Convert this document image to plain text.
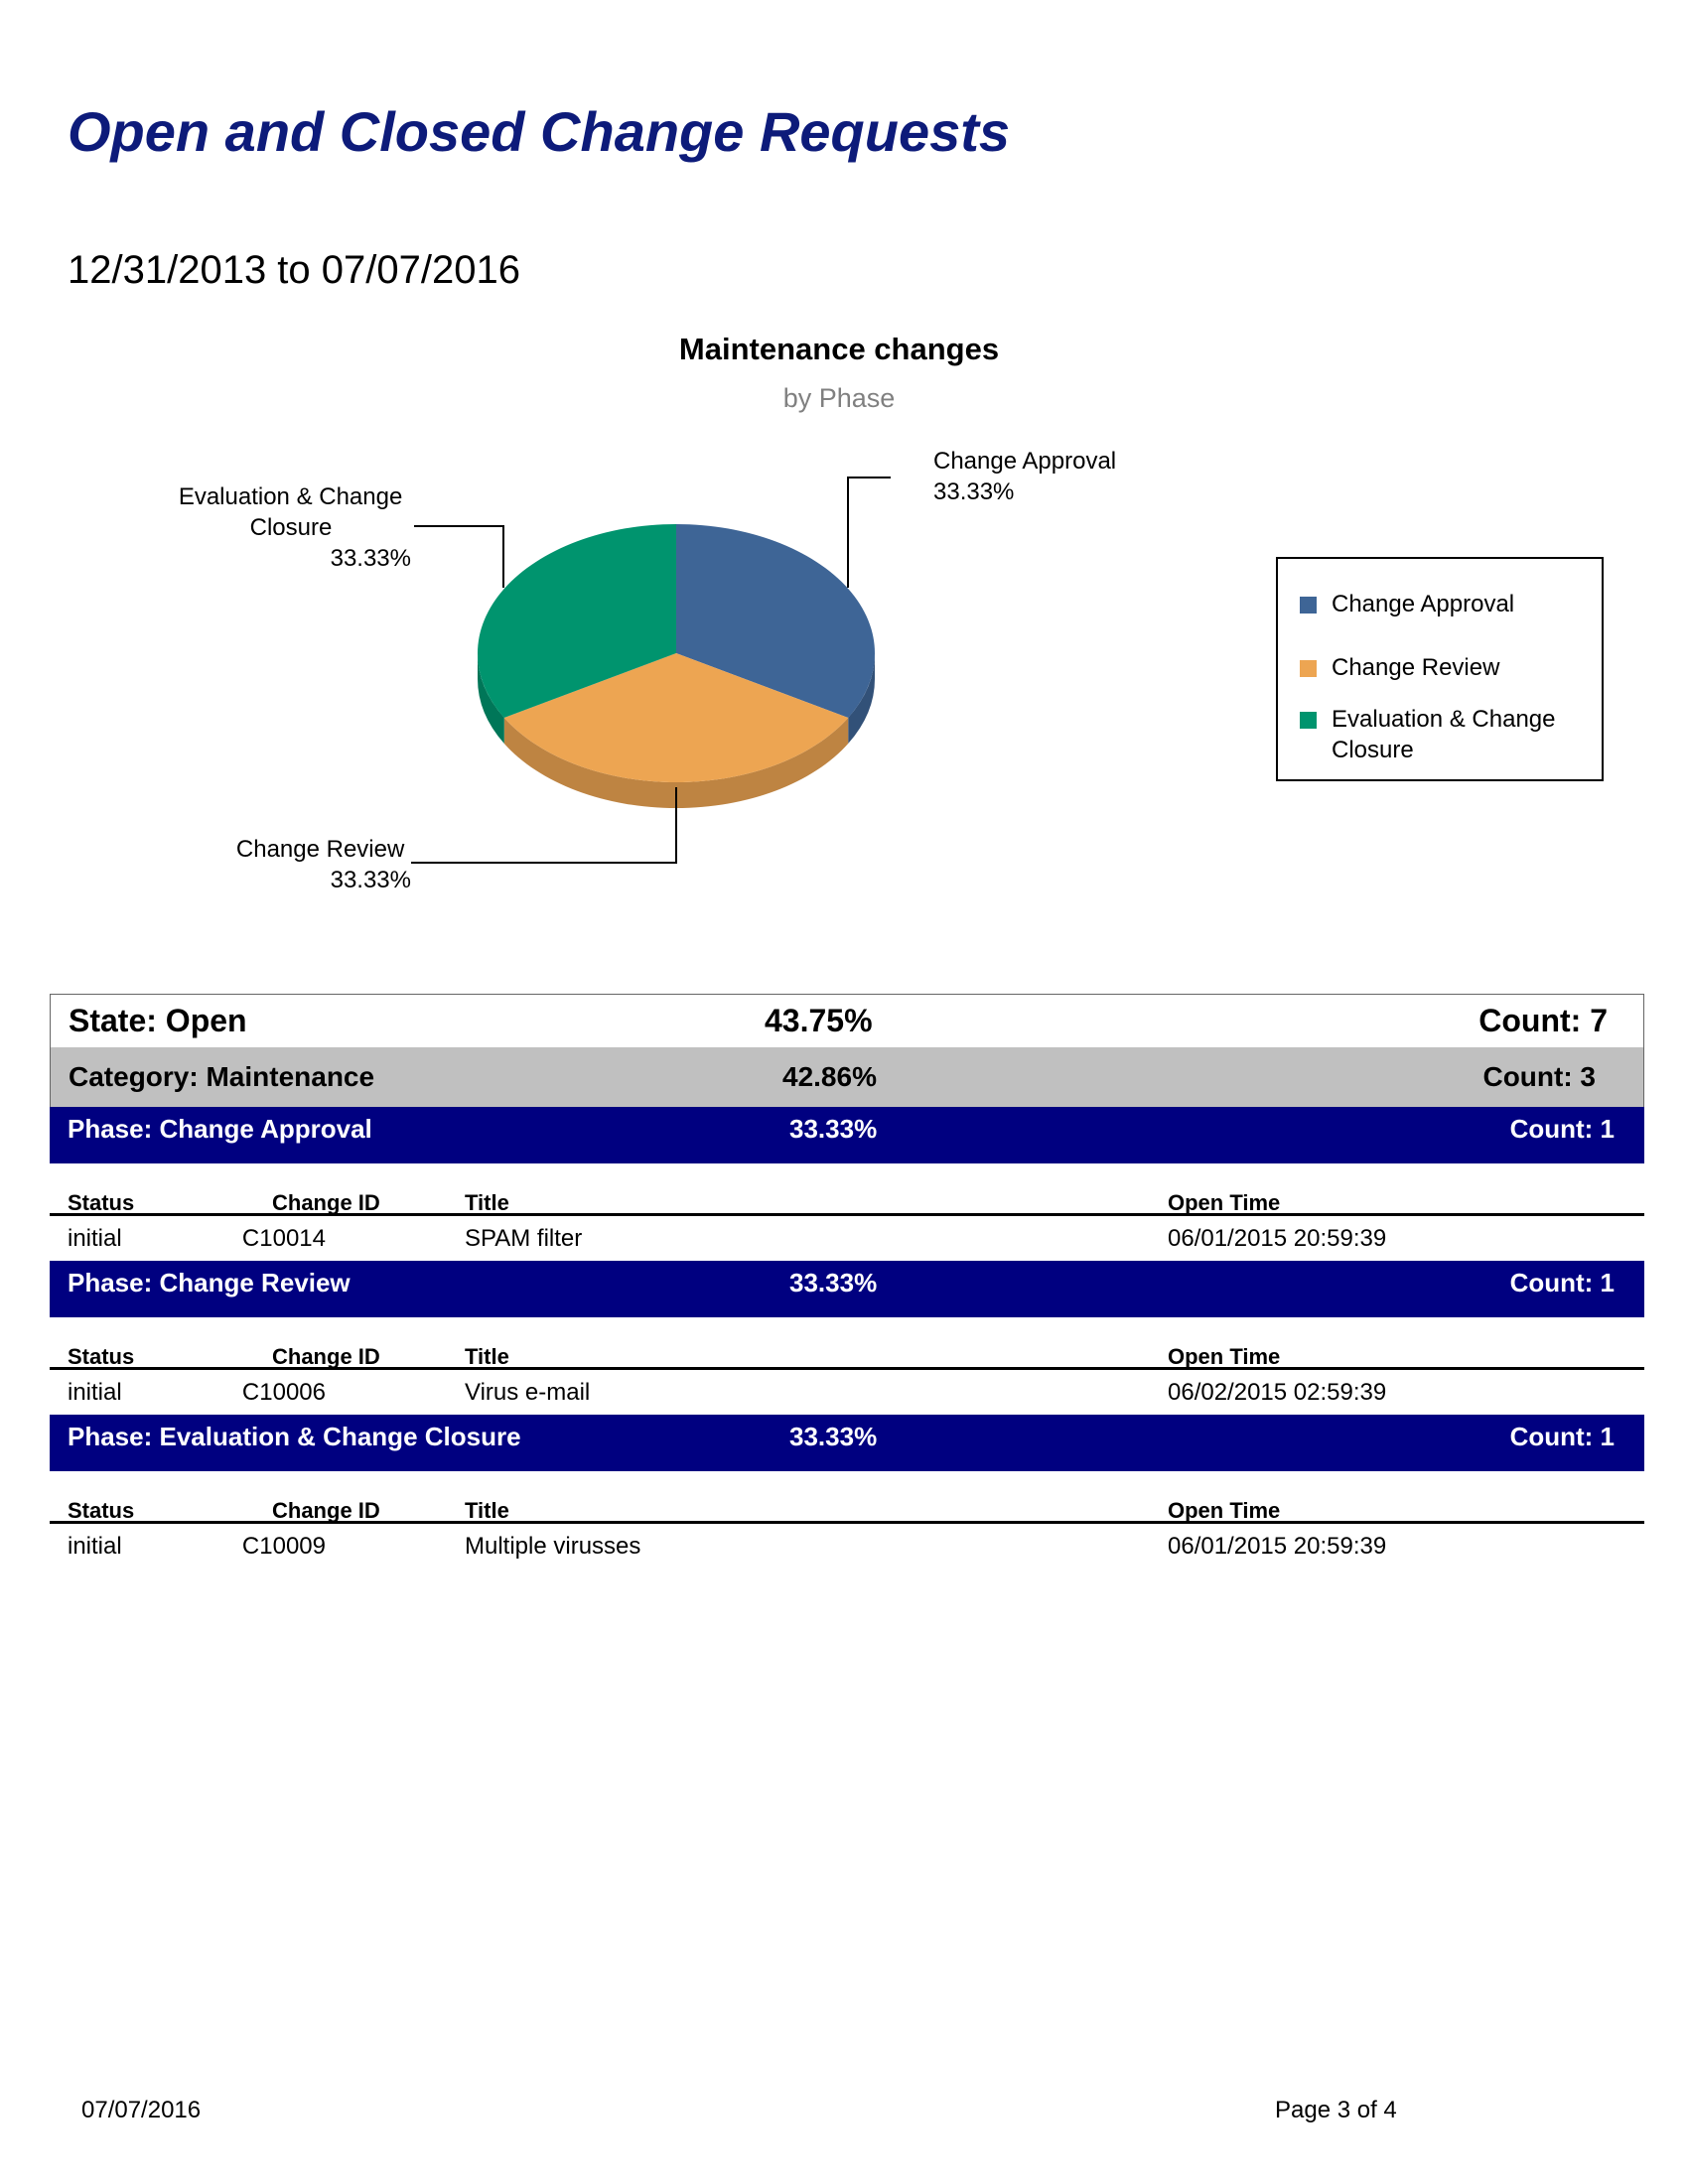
Open and Closed Change Requests
12/31/2013 to 07/07/2016
Maintenance changes
by Phase
Change Approval 33.33%
Change Review 33.33%
Evaluation & Change Closure 33.33%
Change Approval
Change Review
Evaluation & Change
Closure
State: Open	43.75%	Count: 7
Category: Maintenance	42.86%	Count: 3
Phase: Change Approval	33.33%	Count: 1
Status	Change ID	Title	Open Time
initial	C10014	SPAM filter	06/01/2015 20:59:39
Phase: Change Review	33.33%	Count: 1
Status	Change ID	Title	Open Time
initial	C10006	Virus e-mail	06/02/2015 02:59:39
Phase: Evaluation & Change Closure	33.33%	Count: 1
Status	Change ID	Title	Open Time
initial	C10009	Multiple virusses	06/01/2015 20:59:39
07/07/2016	Page 3 of 4
